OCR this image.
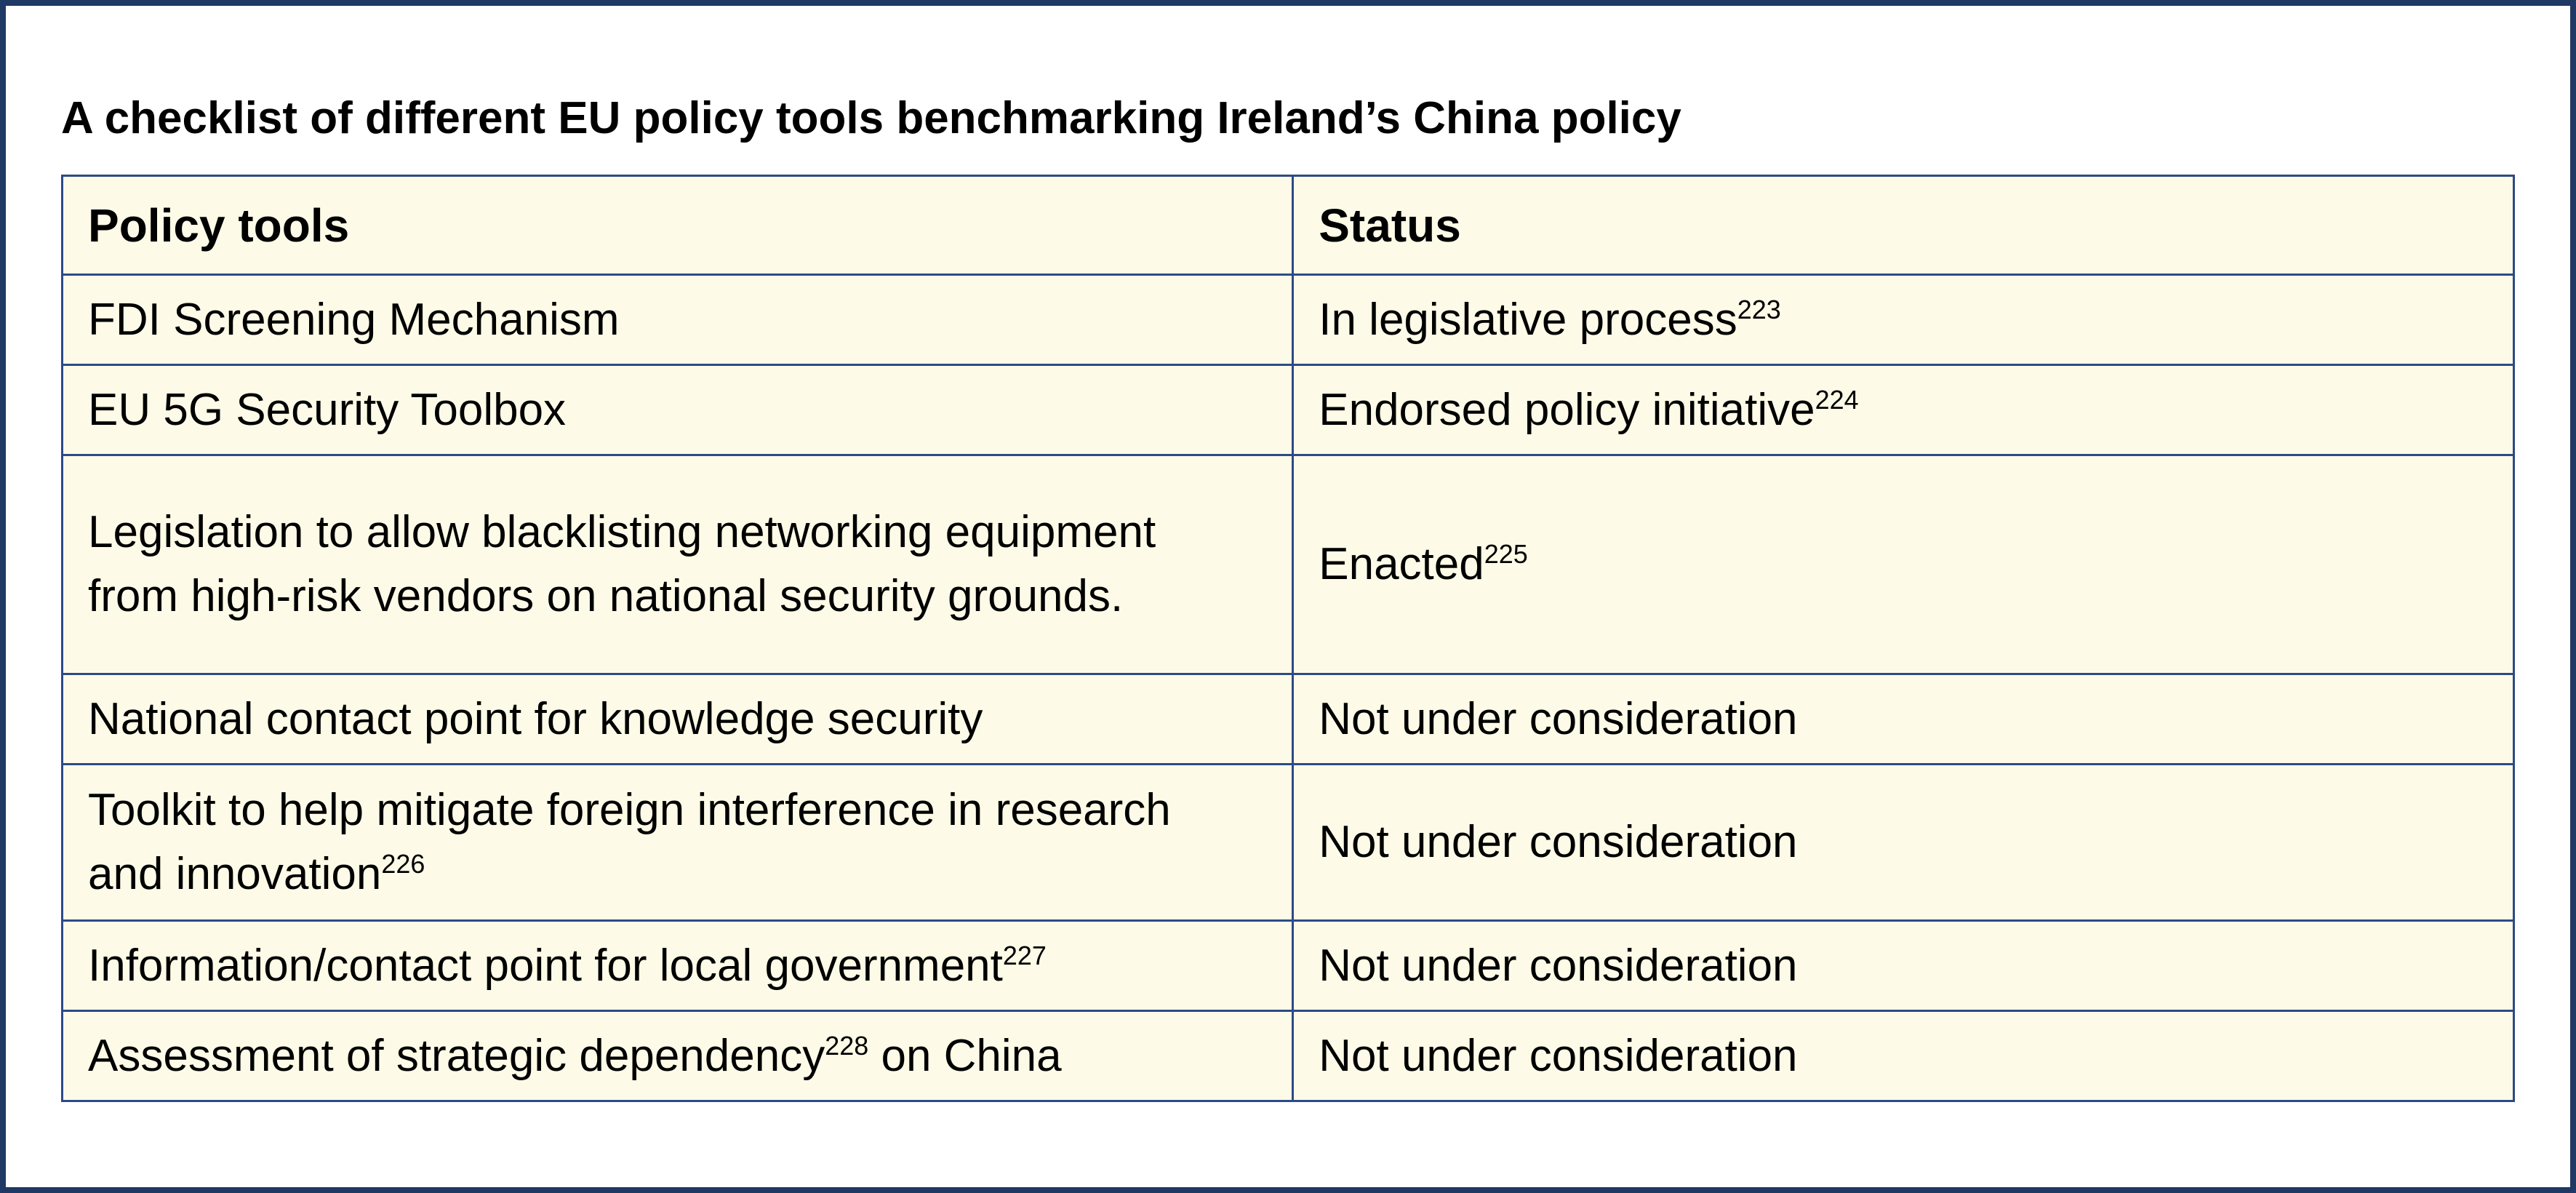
A checklist of different EU policy tools benchmarking Ireland’s China policy
Policy tools	Status
FDI Screening Mechanism	In legislative process$^{223}$
EU 5G Security Toolbox	Endorsed policy initiative$^{224}$
Legislation to allow blacklisting networking equipment from high-risk vendors on national security grounds.	Enacted$^{225}$
National contact point for knowledge security	Not under consideration
Toolkit to help mitigate foreign interference in research and innovation$^{226}$	Not under consideration
Information/contact point for local government$^{227}$	Not under consideration
Assessment of strategic dependency$^{228}$ on China	Not under consideration
